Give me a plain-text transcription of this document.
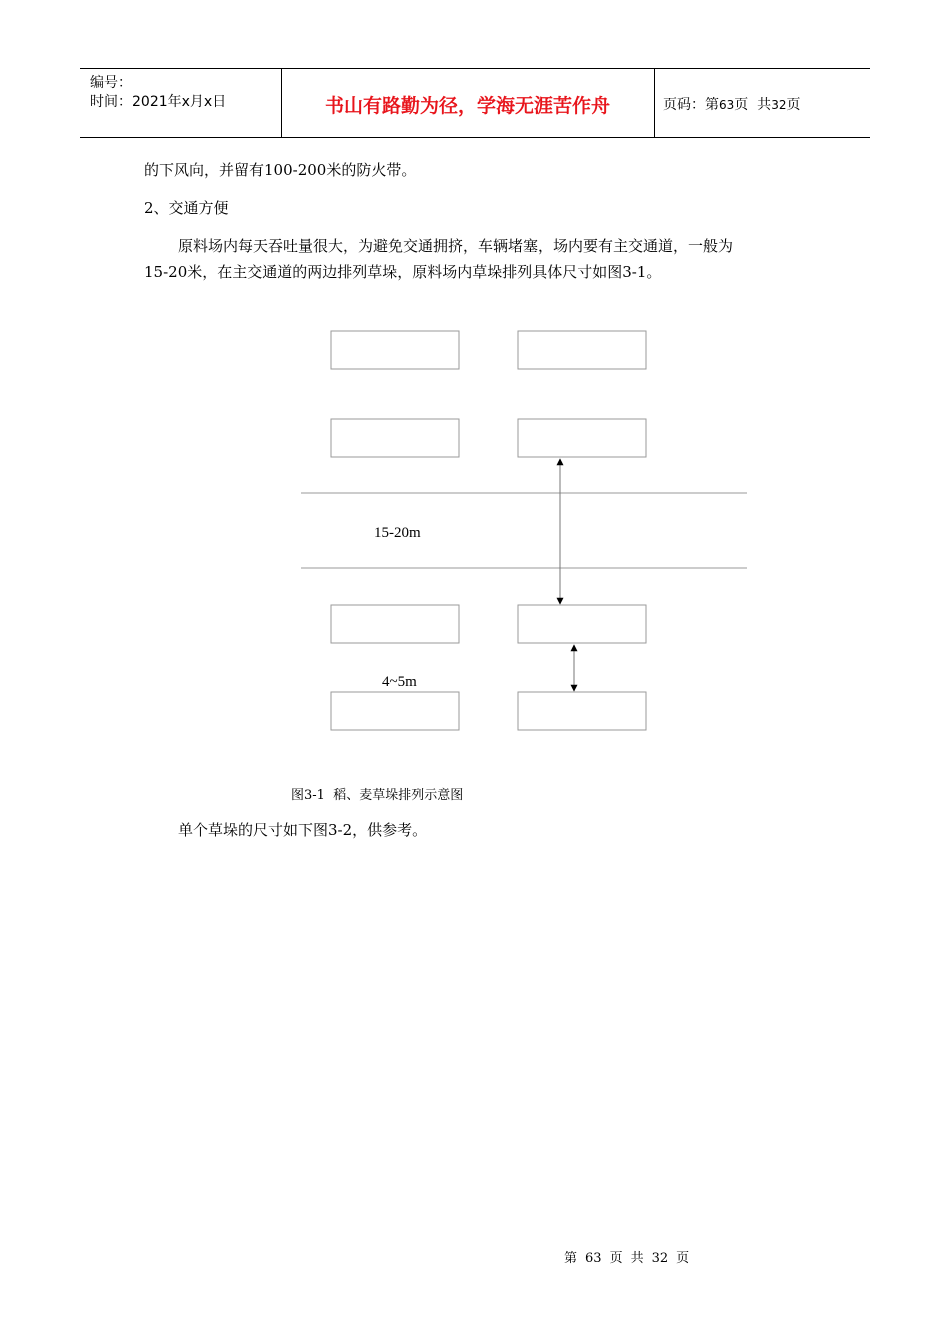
编号：
时间：2021年x月x日	书山有路勤为径，学海无涯苦作舟	页码：第63页  共32页
的下风向，并留有100-200米的防火带。
2、交通方便
原料场内每天吞吐量很大，为避免交通拥挤，车辆堵塞，场内要有主交通道，一般为
15-20米，在主交通道的两边排列草垛，原料场内草垛排列具体尺寸如图3-1。
15-20m
4~5m
图3-1  稻、麦草垛排列示意图
单个草垛的尺寸如下图3-2，供参考。
第 63 页 共 32 页
